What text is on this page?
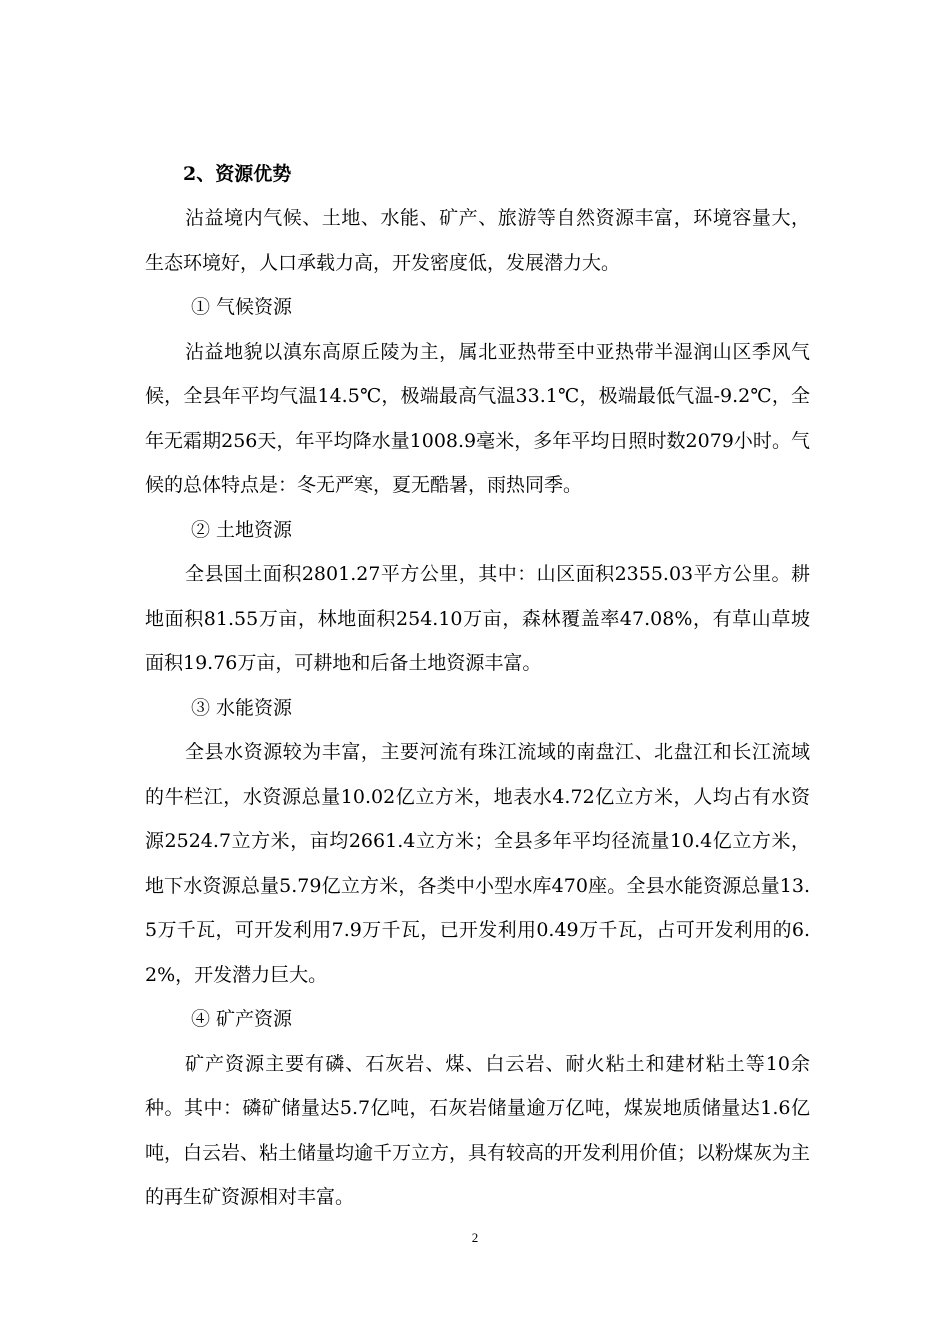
2、资源优势

沾益境内气候、土地、水能、矿产、旅游等自然资源丰富，环境容量大，生态环境好，人口承载力高，开发密度低，发展潜力大。

① 气候资源

沾益地貌以滇东高原丘陵为主，属北亚热带至中亚热带半湿润山区季风气候，全县年平均气温14.5℃，极端最高气温33.1℃，极端最低气温-9.2℃，全年无霜期256天，年平均降水量1008.9毫米，多年平均日照时数2079小时。气候的总体特点是：冬无严寒，夏无酷暑，雨热同季。

② 土地资源

全县国土面积2801.27平方公里，其中：山区面积2355.03平方公里。耕地面积81.55万亩，林地面积254.10万亩，森林覆盖率47.08%，有草山草坡面积19.76万亩，可耕地和后备土地资源丰富。

③ 水能资源

全县水资源较为丰富，主要河流有珠江流域的南盘江、北盘江和长江流域的牛栏江，水资源总量10.02亿立方米，地表水4.72亿立方米，人均占有水资源2524.7立方米，亩均2661.4立方米；全县多年平均径流量10.4亿立方米，地下水资源总量5.79亿立方米，各类中小型水库470座。全县水能资源总量13.5万千瓦，可开发利用7.9万千瓦，已开发利用0.49万千瓦，占可开发利用的6.2%，开发潜力巨大。

④ 矿产资源

矿产资源主要有磷、石灰岩、煤、白云岩、耐火粘土和建材粘土等10余种。其中：磷矿储量达5.7亿吨，石灰岩储量逾万亿吨，煤炭地质储量达1.6亿吨，白云岩、粘土储量均逾千万立方，具有较高的开发利用价值；以粉煤灰为主的再生矿资源相对丰富。

2
